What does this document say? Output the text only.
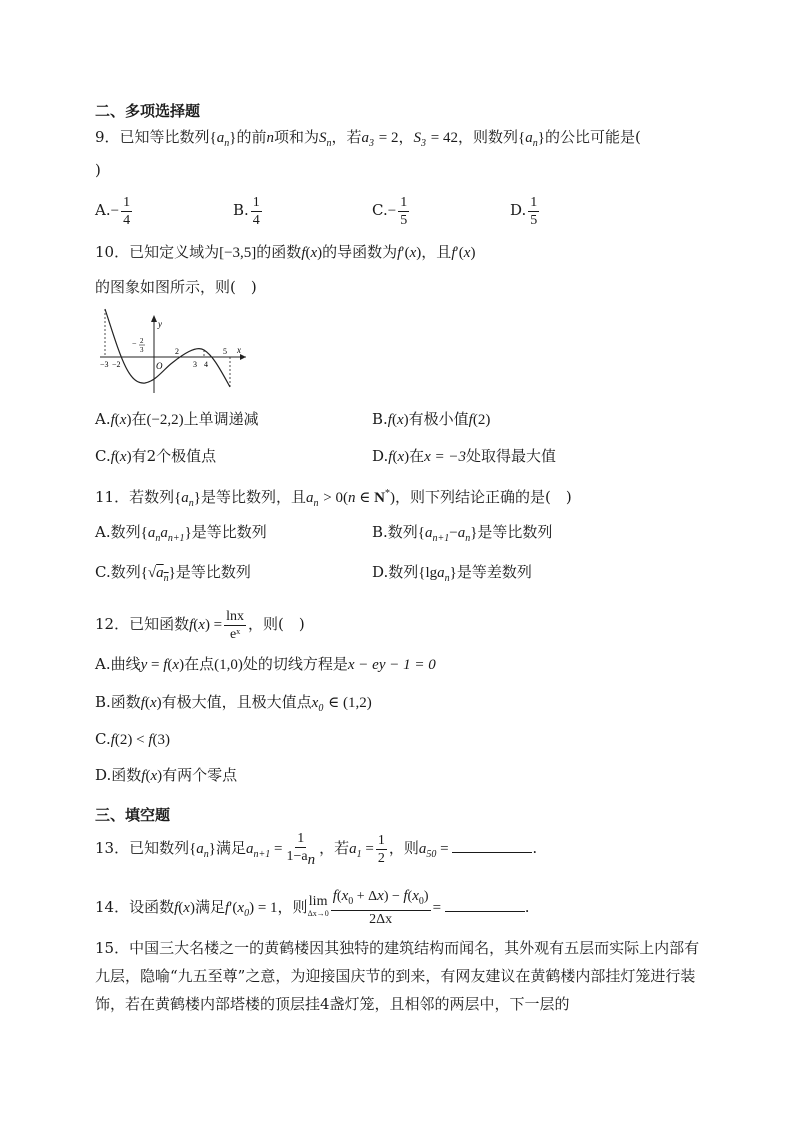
二、多项选择题
9．已知等比数列$\{a_n\}$的前n项和为$S_n$，若$a_3 = 2$，$S_3 = 42$，则数列$\{a_n\}$的公比可能是(
)
$A.- \frac{1}{4}$	B. $\frac{1}{4}$	$C.- \frac{1}{5}$	D. $\frac{1}{5}$
10．已知定义域为[−3,5]的函数f(x)的导函数为f′(x)，且f′(x)
的图象如图所示，则(　)
y
x
−3 −2
− 2
3
O
2
3 4
5
A.f(x)在(−2,2)上单调递减	B.f(x)有极小值f(2)
C.f(x)有2个极值点	D.f(x)在x = −3处取得最大值
11．若数列$\{a_n\}$是等比数列，且$a_n > 0(n$ ∈ N*)，则下列结论正确的是(　)
A.数列$\{a_na_{n+1}\}$是等比数列	B.数列$\{a_{n+1}-a_n\}$是等比数列
C.数列$\{√a_n\}$是等比数列	D.数列{lga$_n$}是等差数列
12．已知函数$f(x) = \frac{\ln x}{\text{eˣ}}$ ，则(　)
A.曲线y = f(x)在点(1,0)处的切线方程是x − ey − 1 = 0
B.函数f(x)有极大值，且极大值点$x_0$ ∈ (1,2)
C.f(2) < f(3)
D.函数f(x)有两个零点
三、填空题
13．已知数列$\{a_n\}$满足$a_{n+1} = \frac{1}{1-a_n}$ ，若$a_1 = \frac{1}{2}$ ，则$a_{50}$ =	.
14．设函数f(x)满足$f'(x_0) = 1$，则 lim
$\Delta x\to 0 \frac{f(x_0 + \Delta x) - f(x_0)}{2\Delta x}$ =	.
15．中国三大名楼之一的黄鹤楼因其独特的建筑结构而闻名，其外观有五层而实际上内部有九层，隐喻“九五至尊”之意，为迎接国庆节的到来，有网友建议在黄鹤楼内部挂灯笼进行装饰，若在黄鹤楼内部塔楼的顶层挂4盏灯笼，且相邻的两层中，下一层的
